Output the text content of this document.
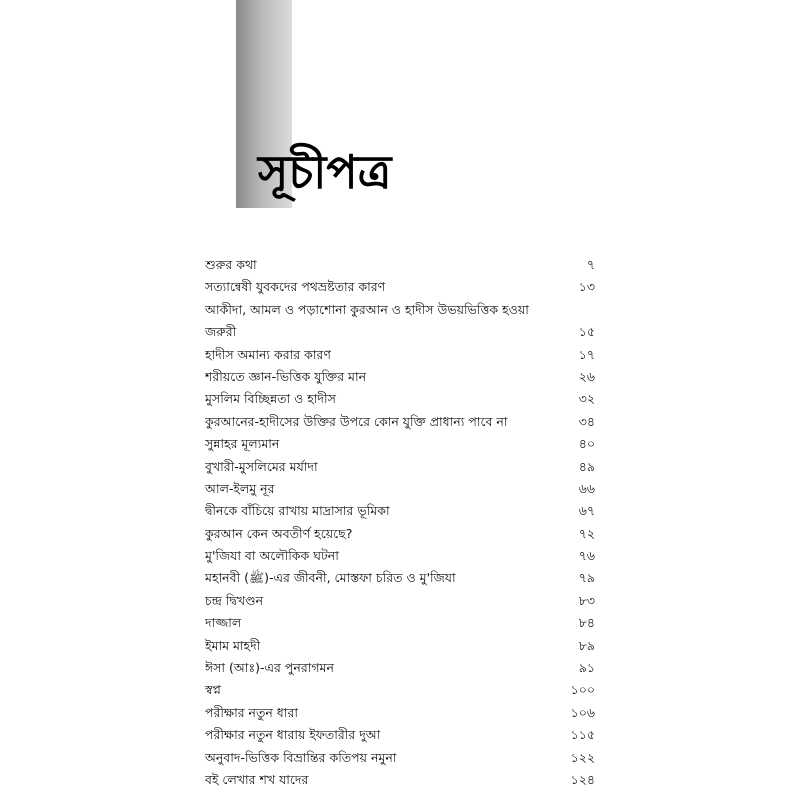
সূচীপত্র
শুরুর কথা	৭
সত্যান্বেষী যুবকদের পথভ্রষ্টতার কারণ	১৩
আকীদা, আমল ও পড়াশোনা কুরআন ও হাদীস উভয়ভিত্তিক হওয়া
জরুরী	১৫
হাদীস অমান্য করার কারণ	১৭
শরীয়তে জ্ঞান-ভিত্তিক যুক্তির মান	২৬
মুসলিম বিচ্ছিন্নতা ও হাদীস	৩২
কুরআনের-হাদীসের উক্তির উপরে কোন যুক্তি প্রাধান্য পাবে না	৩৪
সুন্নাহর মূল্যমান	৪০
বুখারী-মুসলিমের মর্যাদা	৪৯
আল-ইলমু নূর	৬৬
দ্বীনকে বাঁচিয়ে রাখায় মাদ্রাসার ভূমিকা	৬৭
কুরআন কেন অবতীর্ণ হয়েছে?	৭২
মু'জিযা বা অলৌকিক ঘটনা	৭৬
মহানবী (ﷺ)-এর জীবনী, মোস্তফা চরিত ও মু'জিযা	৭৯
চন্দ্র দ্বিখণ্ডন	৮৩
দাজ্জাল	৮৪
ইমাম মাহদী	৮৯
ঈসা (আঃ)-এর পুনরাগমন	৯১
স্বপ্ন	১০০
পরীক্ষার নতুন ধারা	১০৬
পরীক্ষার নতুন ধারায় ইফতারীর দুআ	১১৫
অনুবাদ-ভিত্তিক বিভ্রান্তির কতিপয় নমুনা	১২২
বই লেখার শখ যাদের	১২৪
